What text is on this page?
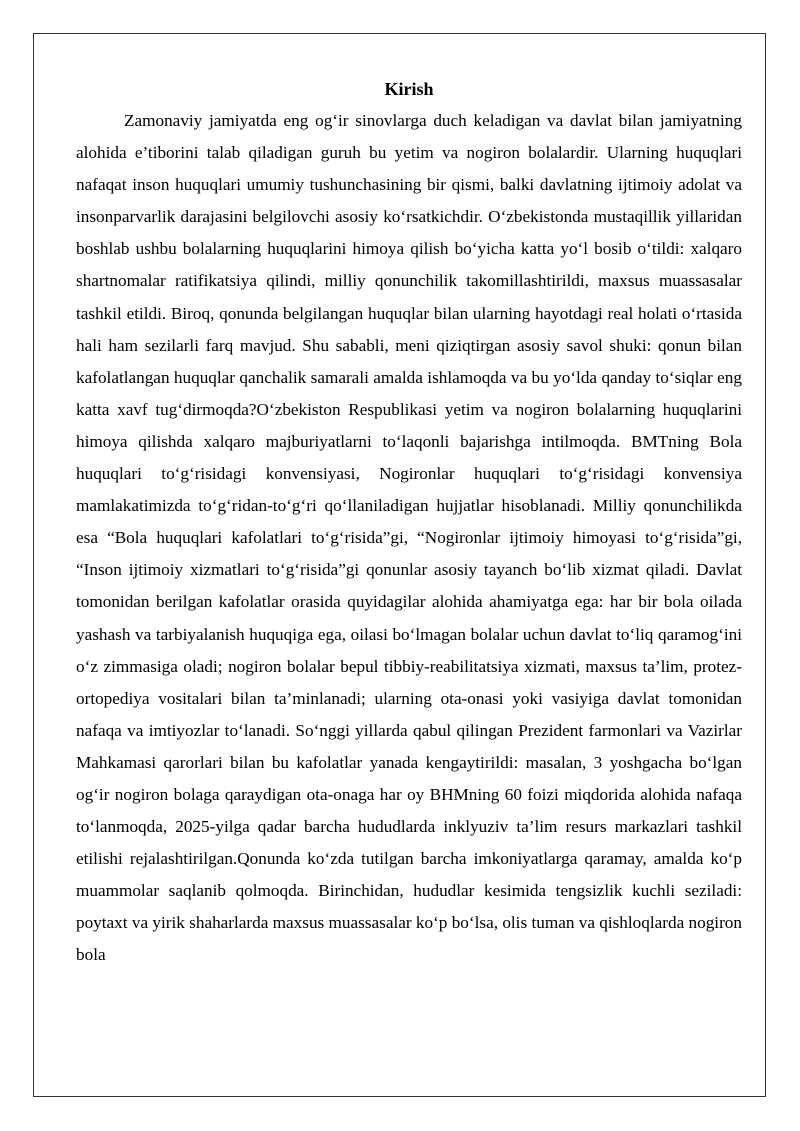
Kirish

Zamonaviy jamiyatda eng og‘ir sinovlarga duch keladigan va davlat bilan jamiyatning alohida e’tiborini talab qiladigan guruh bu yetim va nogiron bolalardir. Ularning huquqlari nafaqat inson huquqlari umumiy tushunchasining bir qismi, balki davlatning ijtimoiy adolat va insonparvarlik darajasini belgilovchi asosiy ko‘rsatkichdir. O‘zbekistonda mustaqillik yillaridan boshlab ushbu bolalarning huquqlarini himoya qilish bo‘yicha katta yo‘l bosib o‘tildi: xalqaro shartnomalar ratifikatsiya qilindi, milliy qonunchilik takomillashtirildi, maxsus muassasalar tashkil etildi. Biroq, qonunda belgilangan huquqlar bilan ularning hayotdagi real holati o‘rtasida hali ham sezilarli farq mavjud. Shu sababli, meni qiziqtirgan asosiy savol shuki: qonun bilan kafolatlangan huquqlar qanchalik samarali amalda ishlamoqda va bu yo‘lda qanday to‘siqlar eng katta xavf tug‘dirmoqda?O‘zbekiston Respublikasi yetim va nogiron bolalarning huquqlarini himoya qilishda xalqaro majburiyatlarni to‘laqonli bajarishga intilmoqda. BMTning Bola huquqlari to‘g‘risidagi konvensiyasi, Nogironlar huquqlari to‘g‘risidagi konvensiya mamlakatimizda to‘g‘ridan-to‘g‘ri qo‘llaniladigan hujjatlar hisoblanadi. Milliy qonunchilikda esa “Bola huquqlari kafolatlari to‘g‘risida”gi, “Nogironlar ijtimoiy himoyasi to‘g‘risida”gi, “Inson ijtimoiy xizmatlari to‘g‘risida”gi qonunlar asosiy tayanch bo‘lib xizmat qiladi. Davlat tomonidan berilgan kafolatlar orasida quyidagilar alohida ahamiyatga ega: har bir bola oilada yashash va tarbiyalanish huquqiga ega, oilasi bo‘lmagan bolalar uchun davlat to‘liq qaramog‘ini o‘z zimmasiga oladi; nogiron bolalar bepul tibbiy-reabilitatsiya xizmati, maxsus ta’lim, protez-ortopediya vositalari bilan ta’minlanadi; ularning ota-onasi yoki vasiyiga davlat tomonidan nafaqa va imtiyozlar to‘lanadi. So‘nggi yillarda qabul qilingan Prezident farmonlari va Vazirlar Mahkamasi qarorlari bilan bu kafolatlar yanada kengaytirildi: masalan, 3 yoshgacha bo‘lgan og‘ir nogiron bolaga qaraydigan ota-onaga har oy BHMning 60 foizi miqdorida alohida nafaqa to‘lanmoqda, 2025-yilga qadar barcha hududlarda inklyuziv ta’lim resurs markazlari tashkil etilishi rejalashtirilgan.Qonunda ko‘zda tutilgan barcha imkoniyatlarga qaramay, amalda ko‘p muammolar saqlanib qolmoqda. Birinchidan, hududlar kesimida tengsizlik kuchli seziladi: poytaxt va yirik shaharlarda maxsus muassasalar ko‘p bo‘lsa, olis tuman va qishloqlarda nogiron bola
